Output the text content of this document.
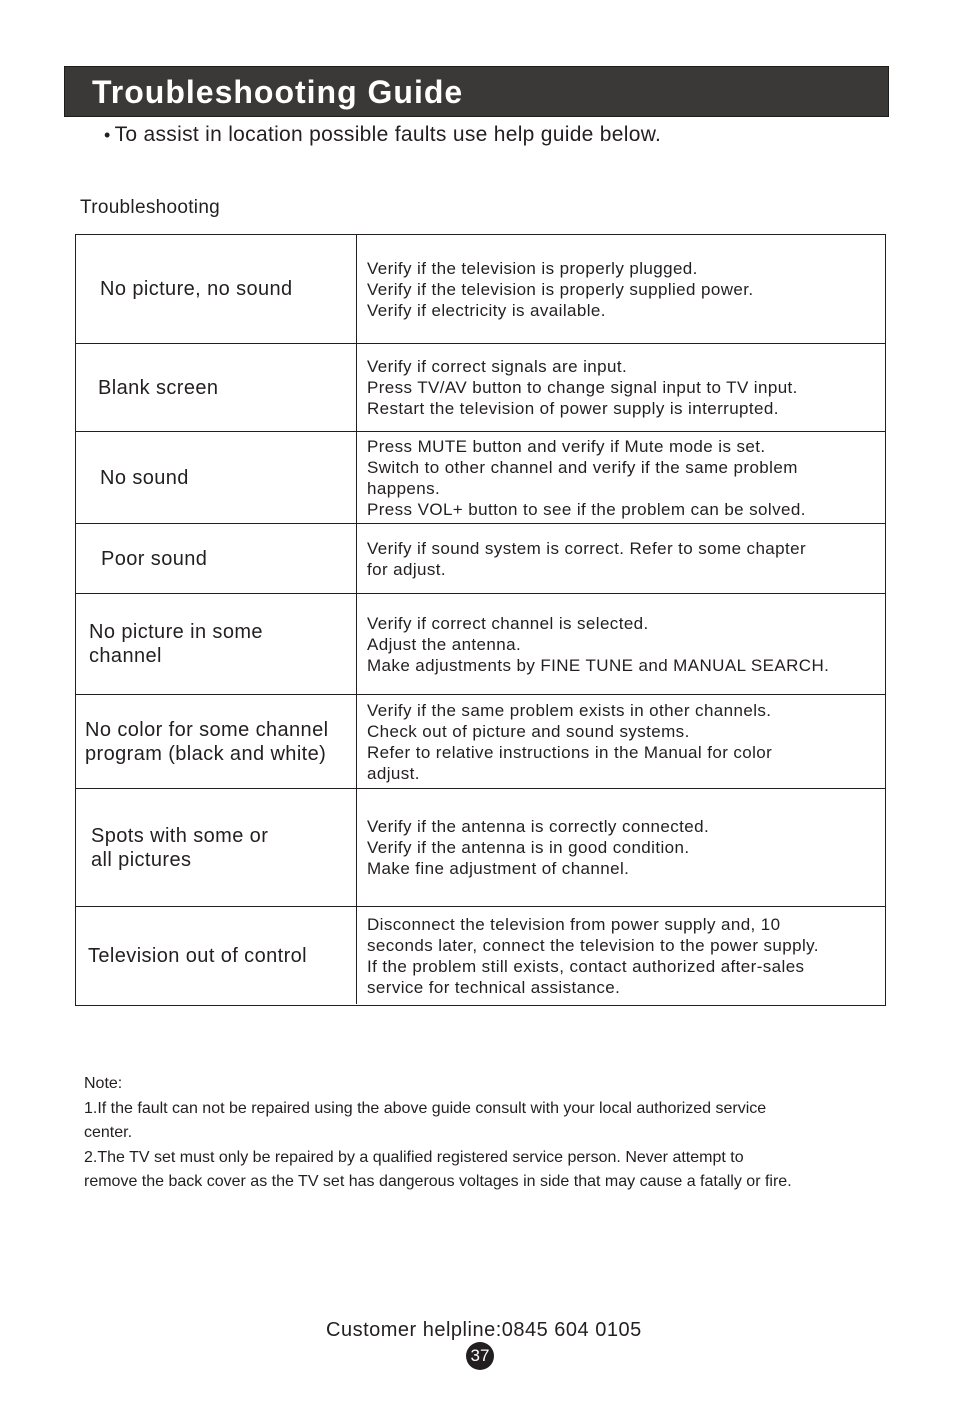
Troubleshooting Guide
• To assist in location possible faults use help guide below.
Troubleshooting
No picture, no sound
Verify if the television is properly plugged.
Verify if the television is properly supplied power.
Verify if electricity is available.
Blank screen
Verify if correct signals are input.
Press TV/AV button to change signal input to TV input.
Restart the television of power supply is interrupted.
No sound
Press MUTE button and verify if Mute mode is set.
Switch to other channel and verify if the same problem
happens.
Press VOL+ button to see if the problem can be solved.
Poor sound	Verify if sound system is correct. Refer to some chapter
for adjust.
No picture in some
channel
Verify if correct channel is selected.
Adjust the antenna.
Make adjustments by FINE TUNE and MANUAL SEARCH.
No color for some channel
program (black and white)
Verify if the same problem exists in other channels.
Check out of picture and sound systems.
Refer to relative instructions in the Manual for color
adjust.
Spots with some or
all pictures
Verify if the antenna is correctly connected.
Verify if the antenna is in good condition.
Make fine adjustment of channel.
Television out of control
Disconnect the television from power supply and, 10
seconds later, connect the television to the power supply.
If the problem still exists, contact authorized after-sales
service for technical assistance.
Note:
1.If the fault can not be repaired using the above guide consult with your local authorized service
center.
2.The TV set must only be repaired by a qualified registered service person. Never attempt to
remove the back cover as the TV set has dangerous voltages in side that may cause a fatally or fire.
Customer helpline:0845 604 0105
37
